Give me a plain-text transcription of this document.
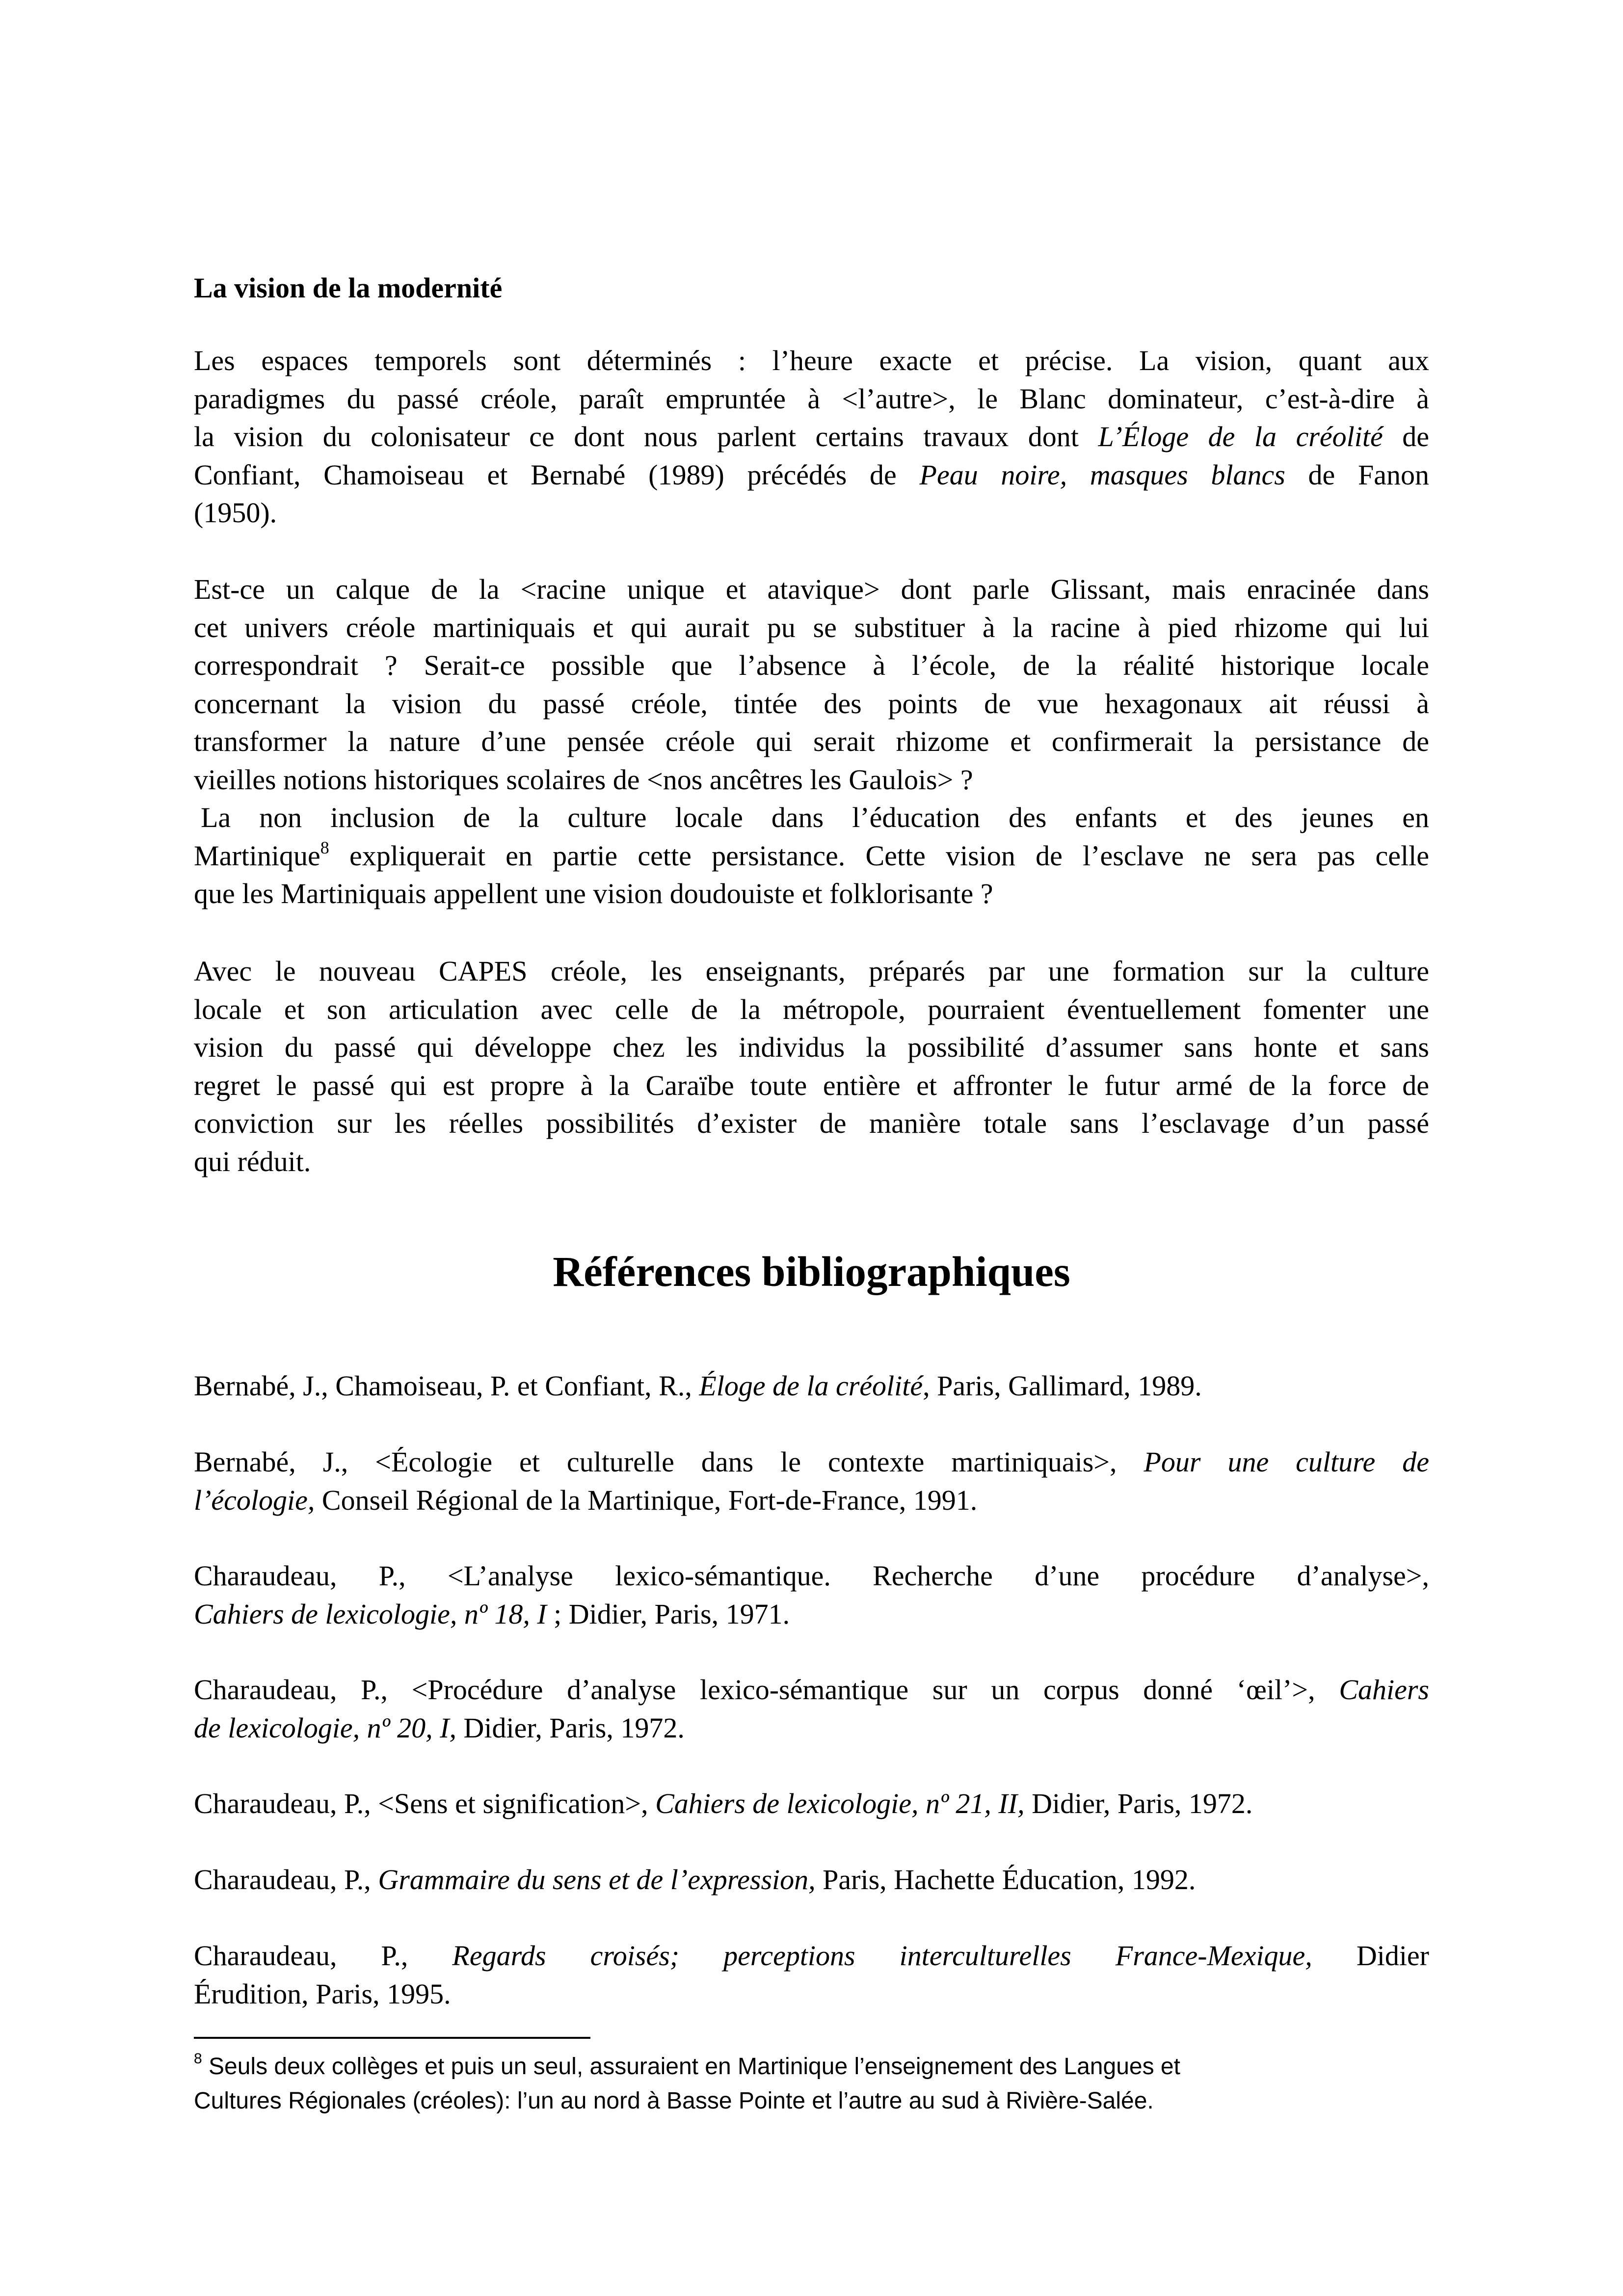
La vision de la modernité
Les espaces temporels sont déterminés : l’heure exacte et précise. La vision, quant aux
paradigmes du passé créole, paraît empruntée à <l’autre>, le Blanc dominateur, c’est-à-dire à
la vision du colonisateur ce dont nous parlent certains travaux dont L’Éloge de la créolité de
Confiant, Chamoiseau et Bernabé (1989) précédés de Peau noire, masques blancs de Fanon
(1950).
Est-ce un calque de la <racine unique et atavique> dont parle Glissant, mais enracinée dans
cet univers créole martiniquais et qui aurait pu se substituer à la racine à pied rhizome qui lui
correspondrait ? Serait-ce possible que l’absence à l’école, de la réalité historique locale
concernant la vision du passé créole, tintée des points de vue hexagonaux ait réussi à
transformer la nature d’une pensée créole qui serait rhizome et confirmerait la persistance de
vieilles notions historiques scolaires de <nos ancêtres les Gaulois> ?
La non inclusion de la culture locale dans l’éducation des enfants et des jeunes en
Martinique$^8$ expliquerait en partie cette persistance. Cette vision de l’esclave ne sera pas celle
que les Martiniquais appellent une vision doudouiste et folklorisante ?
Avec le nouveau CAPES créole, les enseignants, préparés par une formation sur la culture
locale et son articulation avec celle de la métropole, pourraient éventuellement fomenter une
vision du passé qui développe chez les individus la possibilité d’assumer sans honte et sans
regret le passé qui est propre à la Caraïbe toute entière et affronter le futur armé de la force de
conviction sur les réelles possibilités d’exister de manière totale sans l’esclavage d’un passé
qui réduit.
Références bibliographiques

Bernabé, J., Chamoiseau, P. et Confiant, R., Éloge de la créolité, Paris, Gallimard, 1989.

Bernabé, J., <Écologie et culturelle dans le contexte martiniquais>, Pour une culture de
l’écologie, Conseil Régional de la Martinique, Fort-de-France, 1991.

Charaudeau, P., <L’analyse lexico-sémantique. Recherche d’une procédure d’analyse>,
Cahiers de lexicologie, nº 18, I ; Didier, Paris, 1971.

Charaudeau, P., <Procédure d’analyse lexico-sémantique sur un corpus donné ‘œil’>, Cahiers
de lexicologie, nº 20, I, Didier, Paris, 1972.

Charaudeau, P., <Sens et signification>, Cahiers de lexicologie, nº 21, II, Didier, Paris, 1972.

Charaudeau, P., Grammaire du sens et de l’expression, Paris, Hachette Éducation, 1992.

Charaudeau, P., Regards croisés; perceptions interculturelles France-Mexique, Didier
Érudition, Paris, 1995.

$^8$ Seuls deux collèges et puis un seul, assuraient en Martinique l’enseignement des Langues et
Cultures Régionales (créoles): l’un au nord à Basse Pointe et l’autre au sud à Rivière-Salée.
